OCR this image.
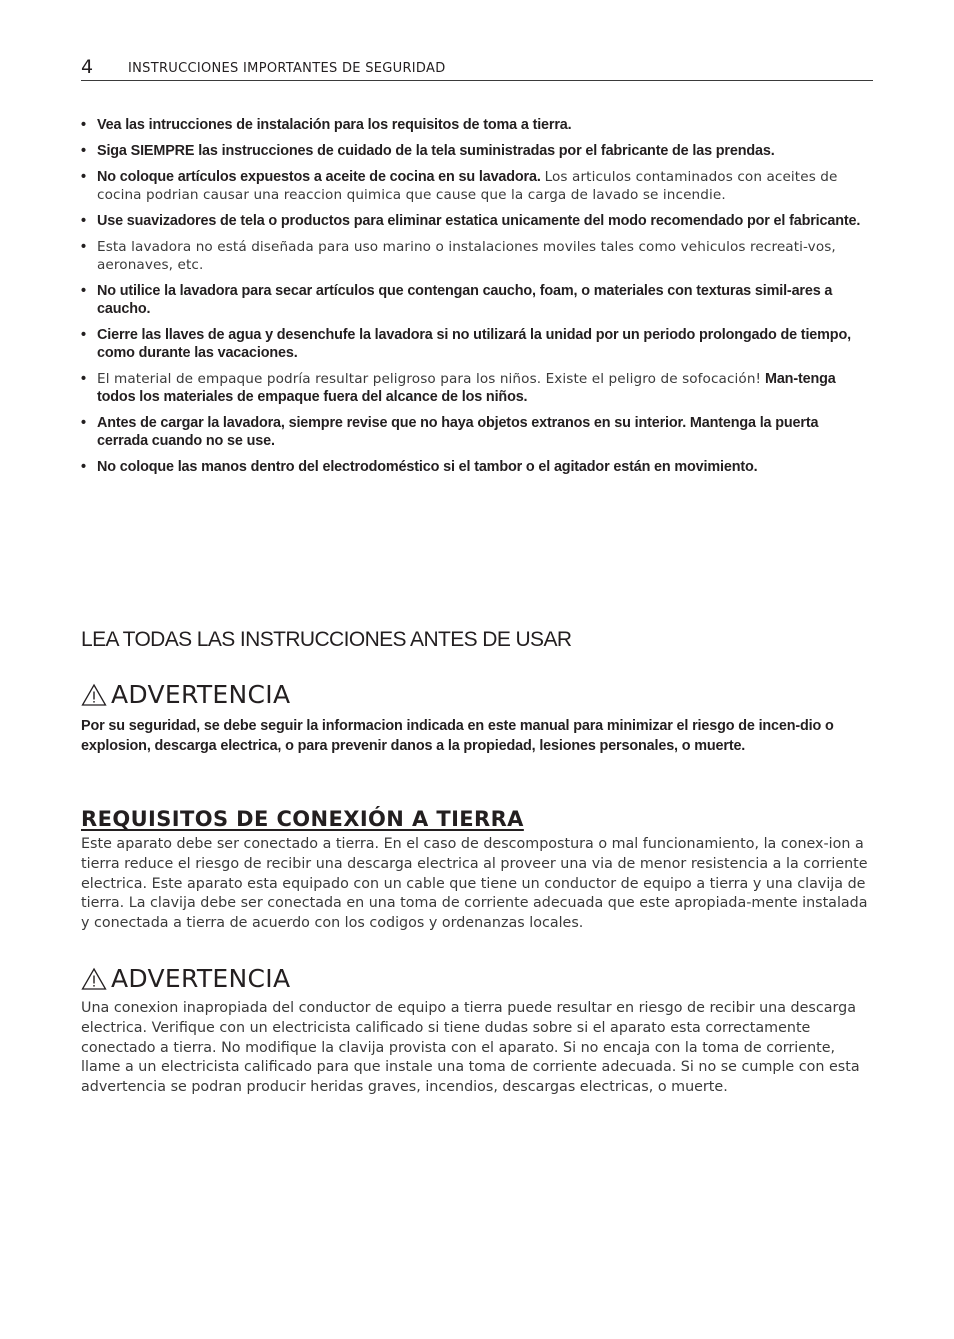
4	INSTRUCCIONES IMPORTANTES DE SEGURIDAD
• Vea las intrucciones de instalación para los requisitos de toma a tierra.
• Siga SIEMPRE las instrucciones de cuidado de la tela suministradas por el fabricante de las prendas.
• No coloque artículos expuestos a aceite de cocina en su lavadora. Los articulos contaminados con aceites de cocina podrian causar una reaccion quimica que cause que la carga de lavado se incendie.
• Use suavizadores de tela o productos para eliminar estatica unicamente del modo recomendado por el fabricante.
• Esta lavadora no está diseñada para uso marino o instalaciones moviles tales como vehiculos recreati-vos, aeronaves, etc.
• No utilice la lavadora para secar artículos que contengan caucho, foam, o materiales con texturas simil-ares a caucho.
• Cierre las llaves de agua y desenchufe la lavadora si no utilizará la unidad por un periodo prolongado de tiempo, como durante las vacaciones.
• El material de empaque podría resultar peligroso para los niños. Existe el peligro de sofocación! Man-tenga todos los materiales de empaque fuera del alcance de los niños.
• Antes de cargar la lavadora, siempre revise que no haya objetos extranos en su interior. Mantenga la puerta cerrada cuando no se use.
• No coloque las manos dentro del electrodoméstico si el tambor o el agitador están en movimiento.
LEA TODAS LAS INSTRUCCIONES ANTES DE USAR
ADVERTENCIA

Por su seguridad, se debe seguir la informacion indicada en este manual para minimizar el riesgo de incen-dio o explosion, descarga electrica, o para prevenir danos a la propiedad, lesiones personales, o muerte.

REQUISITOS DE CONEXIÓN A TIERRA

Este aparato debe ser conectado a tierra. En el caso de descompostura o mal funcionamiento, la conex-ion a tierra reduce el riesgo de recibir una descarga electrica al proveer una via de menor resistencia a la corriente electrica. Este aparato esta equipado con un cable que tiene un conductor de equipo a tierra y una clavija de tierra. La clavija debe ser conectada en una toma de corriente adecuada que este apropiada-mente instalada y conectada a tierra de acuerdo con los codigos y ordenanzas locales.

ADVERTENCIA

Una conexion inapropiada del conductor de equipo a tierra puede resultar en riesgo de recibir una descarga electrica. Verifique con un electricista calificado si tiene dudas sobre si el aparato esta correctamente conectado a tierra. No modifique la clavija provista con el aparato. Si no encaja con la toma de corriente, llame a un electricista calificado para que instale una toma de corriente adecuada. Si no se cumple con esta advertencia se podran producir heridas graves, incendios, descargas electricas, o muerte.
